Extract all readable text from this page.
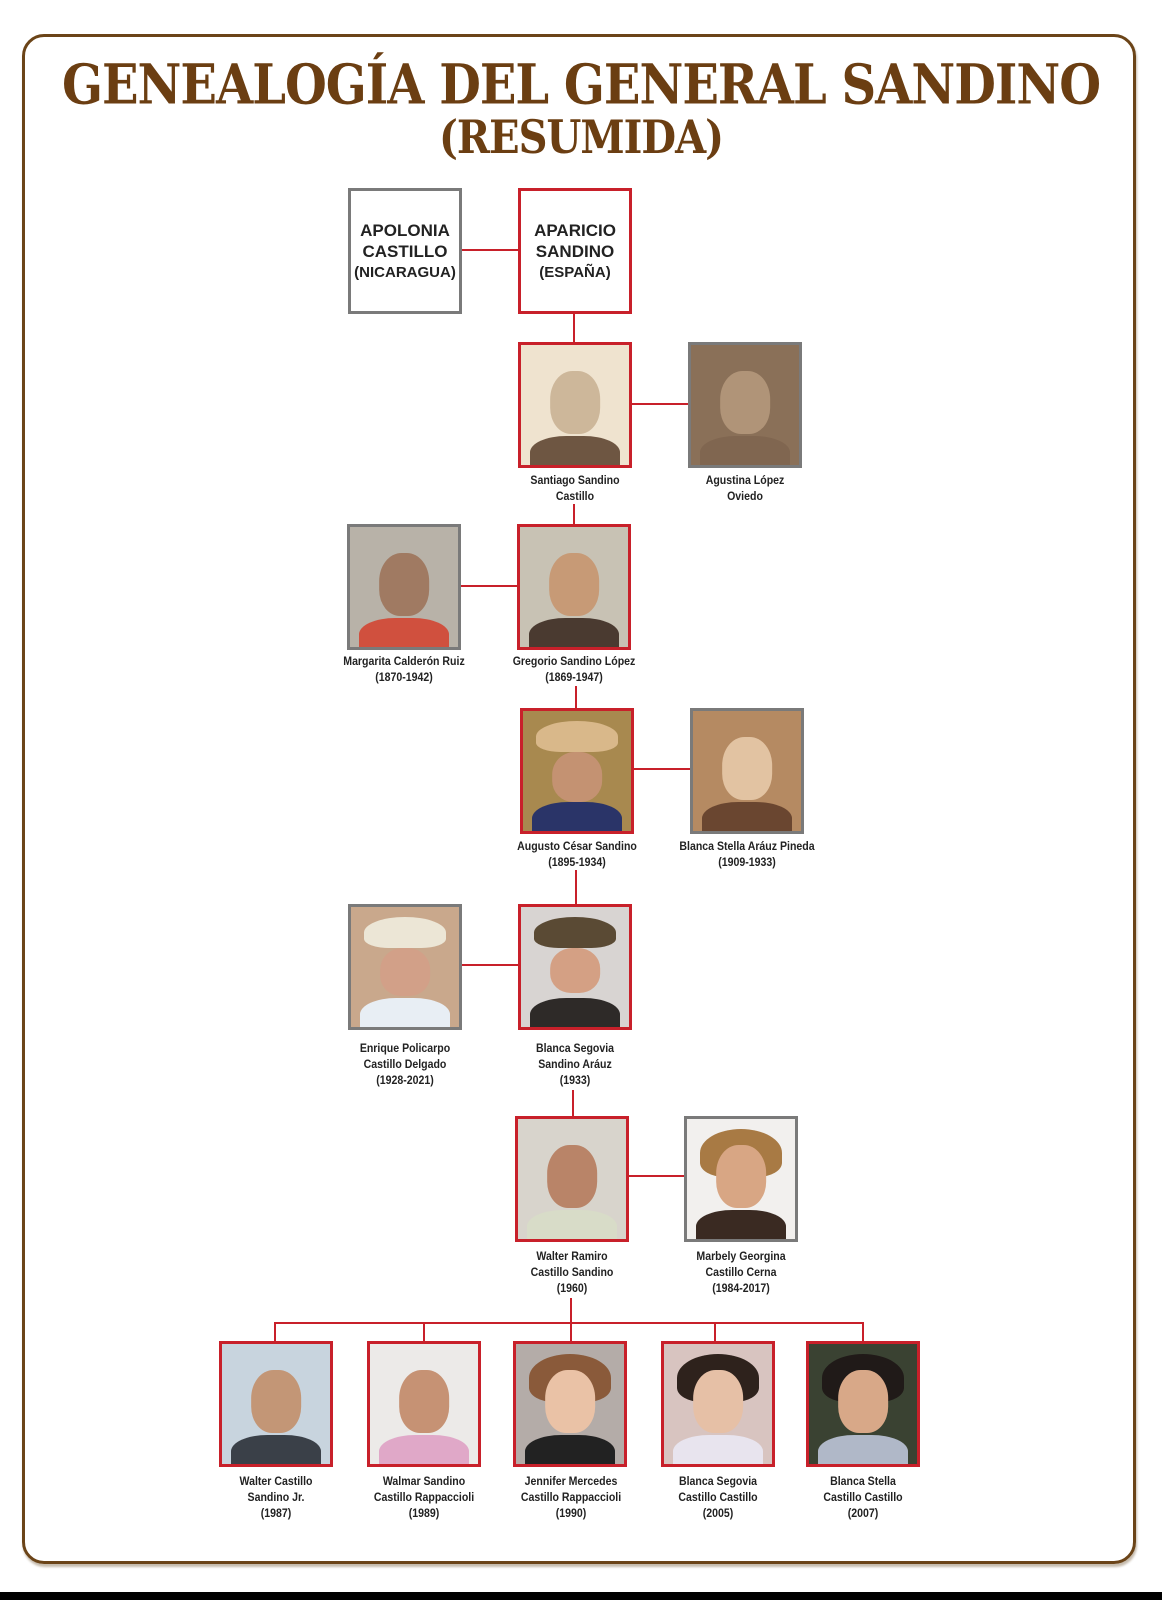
GENEALOGÍA DEL GENERAL SANDINO
(RESUMIDA)
APOLONIA
CASTILLO
(NICARAGUA)
APARICIO
SANDINO
(ESPAÑA)
Santiago Sandino
Castillo
Agustina López
Oviedo
Margarita Calderón Ruiz
(1870-1942)
Gregorio Sandino López
(1869-1947)
Augusto César Sandino
(1895-1934)
Blanca Stella Aráuz Pineda
(1909-1933)
Enrique Policarpo
Castillo Delgado
(1928-2021)
Blanca Segovia
Sandino Aráuz
(1933)
Walter Ramiro
Castillo Sandino
(1960)
Marbely Georgina
Castillo Cerna
(1984-2017)
Walter Castillo
Sandino Jr.
(1987)
Walmar Sandino
Castillo Rappaccioli
(1989)
Jennifer Mercedes
Castillo Rappaccioli
(1990)
Blanca Segovia
Castillo Castillo
(2005)
Blanca Stella
Castillo Castillo
(2007)
